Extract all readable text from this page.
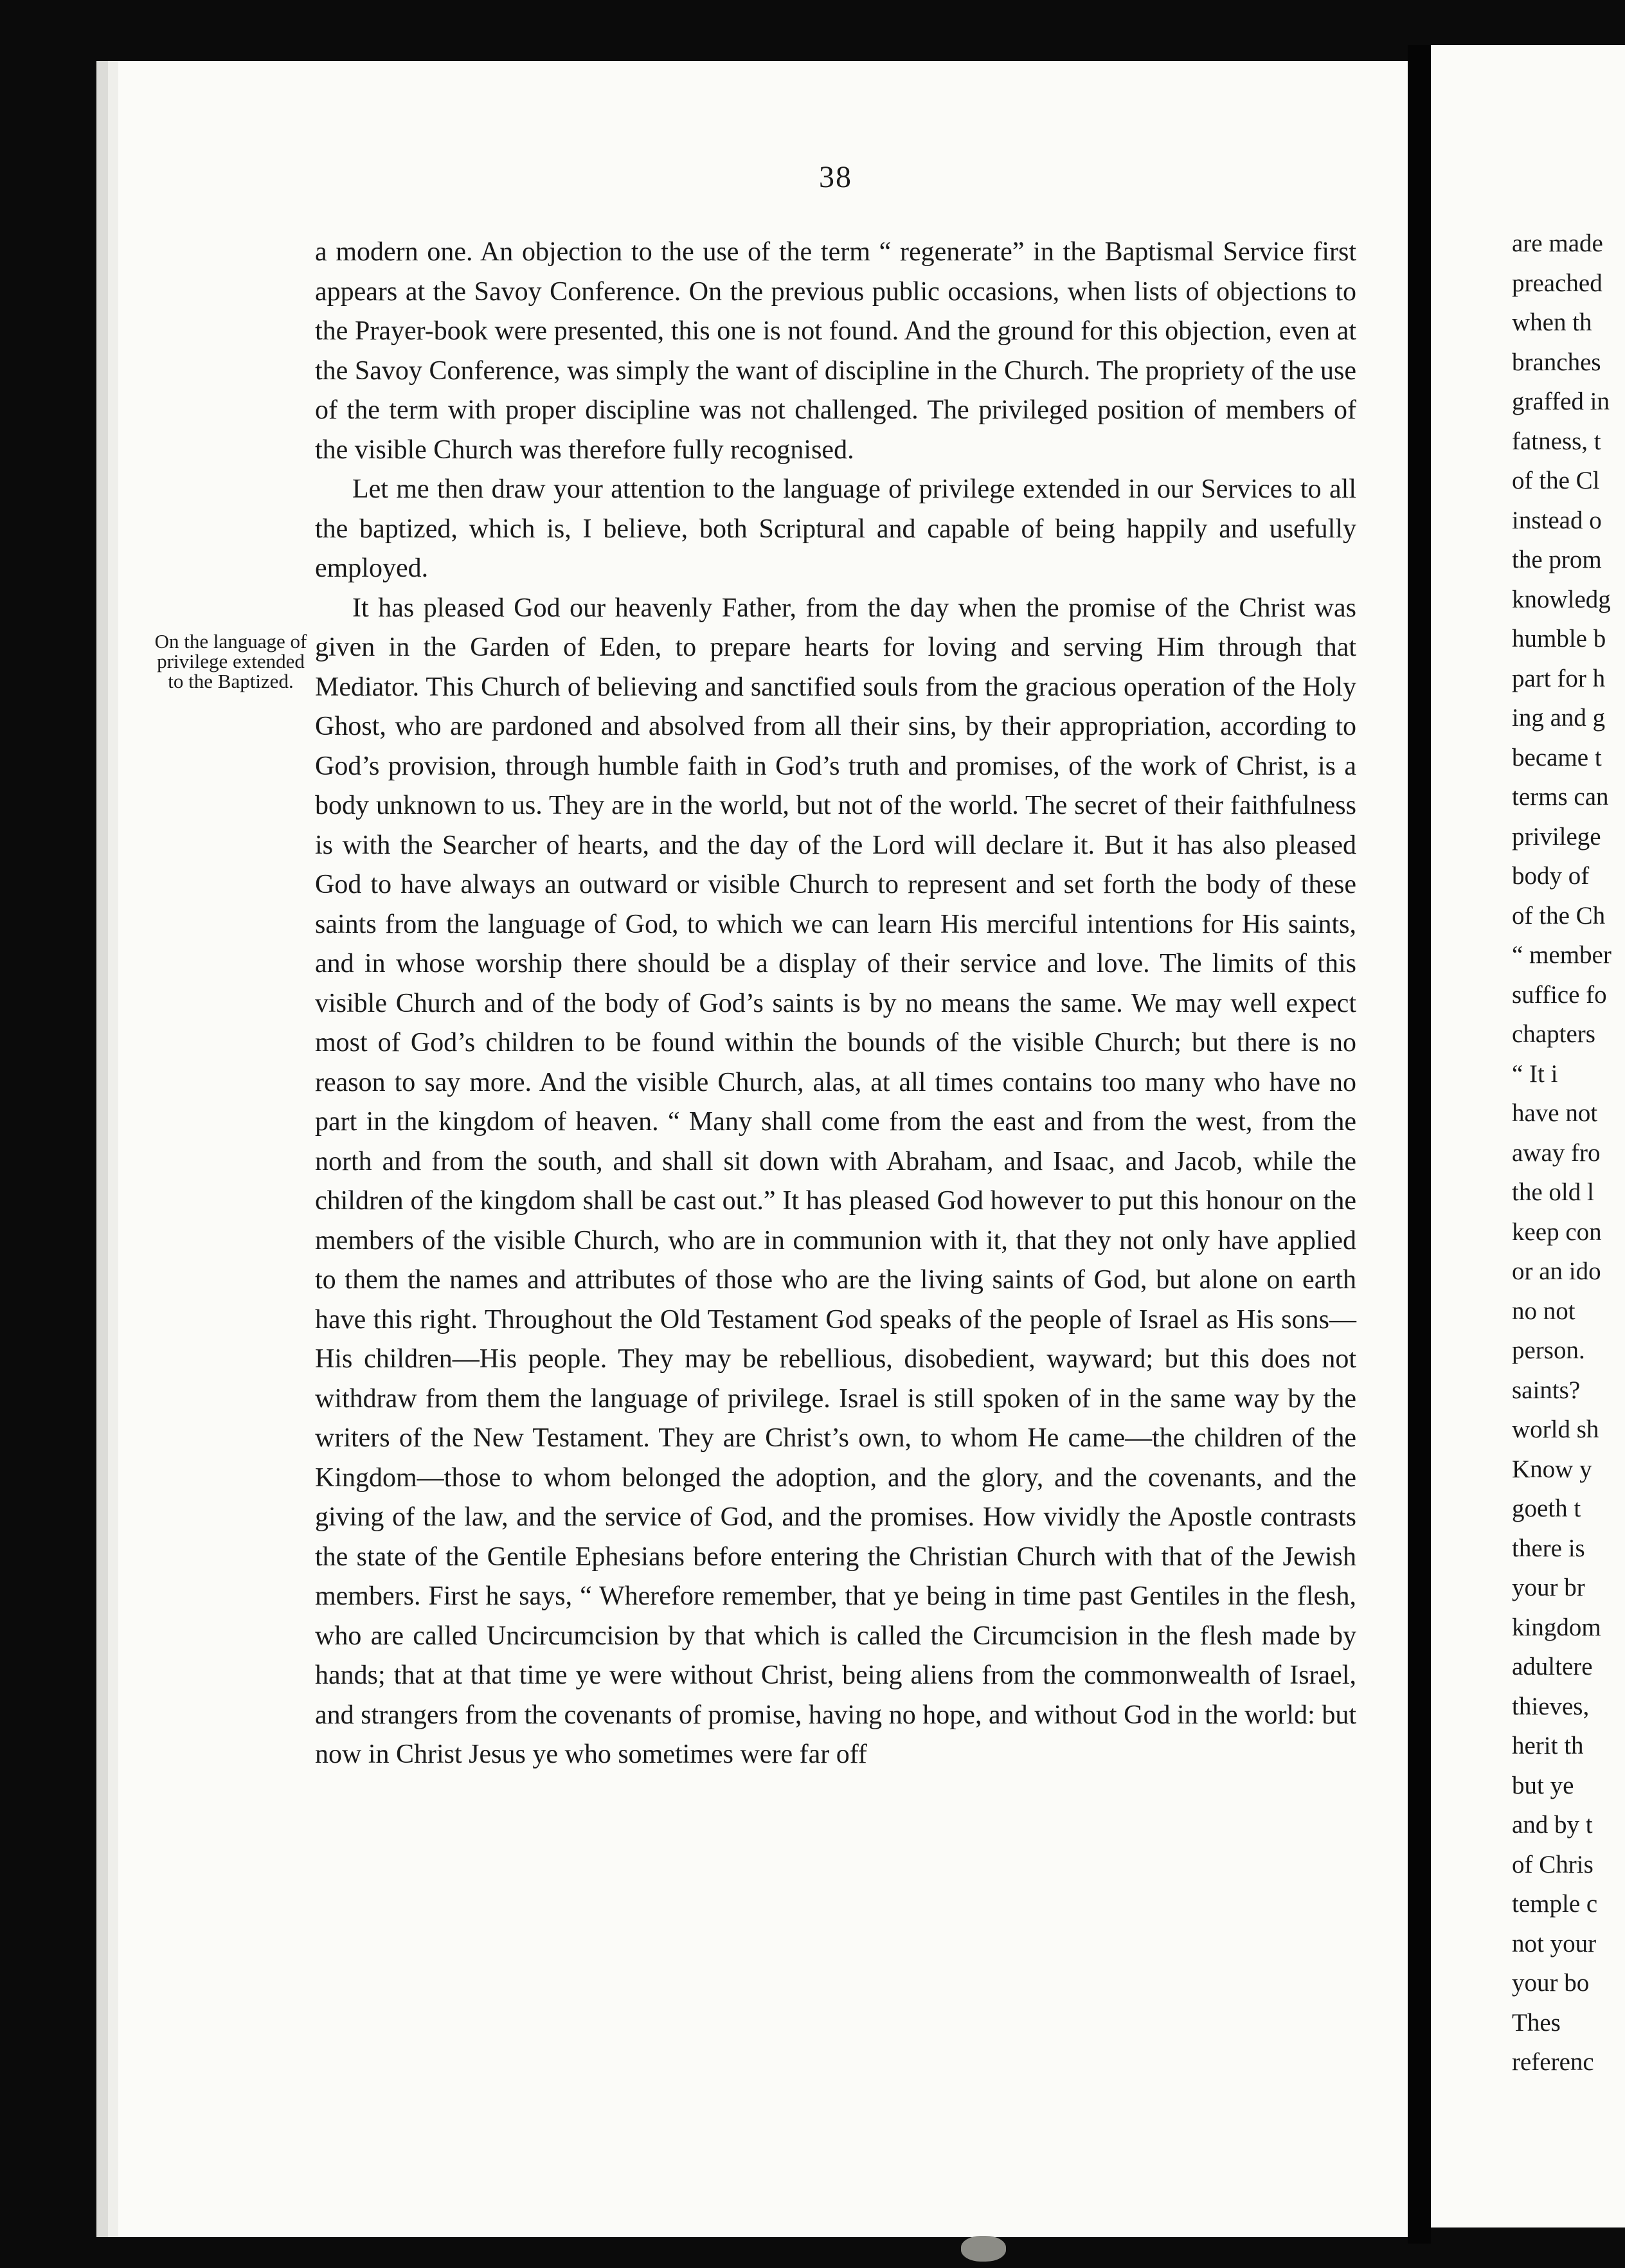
38
On the language of privilege extended to the Baptized.

a modern one. An objection to the use of the term “ regenerate” in the Baptismal Service first appears at the Savoy Conference. On the previous public occasions, when lists of objections to the Prayer-book were presented, this one is not found. And the ground for this objection, even at the Savoy Conference, was simply the want of discipline in the Church. The propriety of the use of the term with proper discipline was not challenged. The privileged position of members of the visible Church was therefore fully recognised.

Let me then draw your attention to the language of privilege extended in our Services to all the baptized, which is, I believe, both Scriptural and capable of being happily and usefully employed.

It has pleased God our heavenly Father, from the day when the promise of the Christ was given in the Garden of Eden, to prepare hearts for loving and serving Him through that Mediator. This Church of believing and sanctified souls from the gracious operation of the Holy Ghost, who are pardoned and absolved from all their sins, by their appropriation, according to God’s provision, through humble faith in God’s truth and promises, of the work of Christ, is a body unknown to us. They are in the world, but not of the world. The secret of their faithfulness is with the Searcher of hearts, and the day of the Lord will declare it. But it has also pleased God to have always an outward or visible Church to represent and set forth the body of these saints from the language of God, to which we can learn His merciful intentions for His saints, and in whose worship there should be a display of their service and love. The limits of this visible Church and of the body of God’s saints is by no means the same. We may well expect most of God’s children to be found within the bounds of the visible Church; but there is no reason to say more. And the visible Church, alas, at all times contains too many who have no part in the kingdom of heaven. “ Many shall come from the east and from the west, from the north and from the south, and shall sit down with Abraham, and Isaac, and Jacob, while the children of the kingdom shall be cast out.” It has pleased God however to put this honour on the members of the visible Church, who are in communion with it, that they not only have applied to them the names and attributes of those who are the living saints of God, but alone on earth have this right. Throughout the Old Testament God speaks of the people of Israel as His sons—His children—His people. They may be rebellious, disobedient, wayward; but this does not withdraw from them the language of privilege. Israel is still spoken of in the same way by the writers of the New Testament. They are Christ’s own, to whom He came—the children of the Kingdom—those to whom belonged the adoption, and the glory, and the covenants, and the giving of the law, and the service of God, and the promises. How vividly the Apostle contrasts the state of the Gentile Ephesians before entering the Christian Church with that of the Jewish members. First he says, “ Wherefore remember, that ye being in time past Gentiles in the flesh, who are called Uncircumcision by that which is called the Circumcision in the flesh made by hands; that at that time ye were without Christ, being aliens from the commonwealth of Israel, and strangers from the covenants of promise, having no hope, and without God in the world: but now in Christ Jesus ye who sometimes were far off

are made
preached
when th
branches
graffed in
fatness, t
of the Cl
instead o
the prom
knowledg
humble b
part for h
ing and g
became t
terms can
privilege
body of
of the Ch
“ member
suffice fo
chapters
“ It i
have not
away fro
the old l
keep con
or an ido
no not
person.
saints?
world sh
Know y
goeth t
there is
your br
kingdom
adultere
thieves,
herit th
but ye
and by t
of Chris
temple c
not your
your bo
Thes
referenc
